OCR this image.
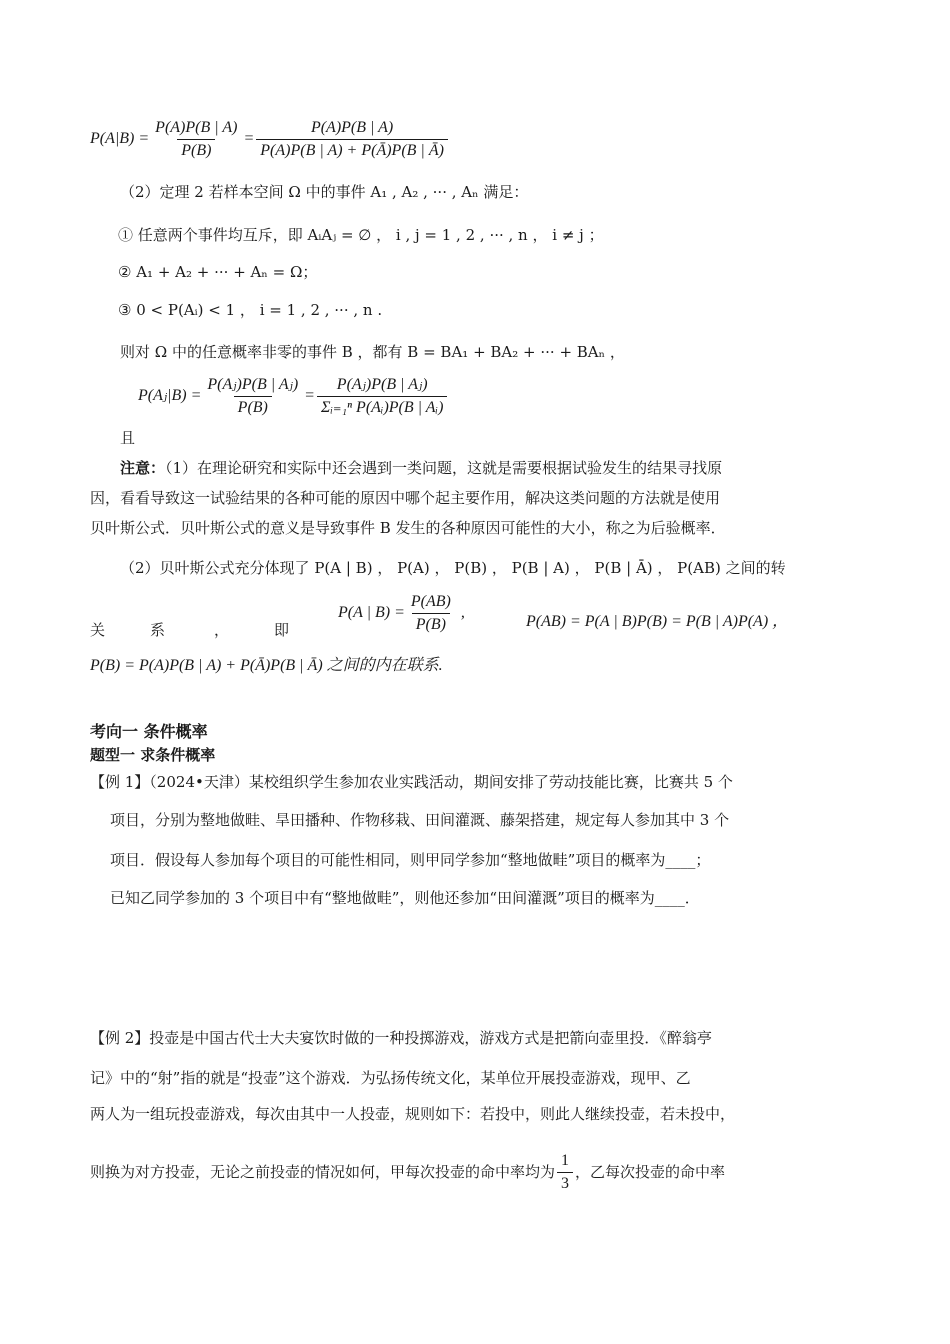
$P(A|B) = \frac{P(A)P(B | A)}{P(B)} = \frac{P(A)P(B | A)}{P(A)P(B | A) + P(Ā)P(B | Ā)}$
（2）定理 2 若样本空间 Ω 中的事件 A₁ , A₂ , ··· , Aₙ 满足：
① 任意两个事件均互斥，即 AᵢAⱼ = ∅ ， i , j = 1 , 2 , ··· , n ， i ≠ j ；
② A₁ + A₂ + ··· + Aₙ = Ω；
③ 0 < P(Aᵢ) < 1 ， i = 1 , 2 , ··· , n .
则对 Ω 中的任意概率非零的事件 B ，都有 B = BA₁ + BA₂ + ··· + BAₙ ，
P(Aⱼ|B) = $\frac{\text{P(Aⱼ)P(B | Aⱼ)}}{P(B)} = \frac{\text{P(Aⱼ)P(B | Aⱼ)}}{\text{Σᵢ₌₁ⁿ P(Aᵢ)P(B | Aᵢ)}}$
且
注意：（1）在理论研究和实际中还会遇到一类问题，这就是需要根据试验发生的结果寻找原
因，看看导致这一试验结果的各种可能的原因中哪个起主要作用，解决这类问题的方法就是使用
贝叶斯公式．贝叶斯公式的意义是导致事件 B 发生的各种原因可能性的大小，称之为后验概率．
（2）贝叶斯公式充分体现了 P(A | B) ， P(A) ， P(B) ， P(B | A) ， P(B | Ā) ， P(AB) 之间的转
关	系	，	即
P(A | $B) = \frac{P(AB)}{P(B)}$ ,
P(AB) = P(A | B)P(B) = P(B | A)P(A) ，
P(B) = P(A)P(B | A) + P(Ā)P(B | Ā) 之间的内在联系.
考向一 条件概率
题型一 求条件概率
【例 1】（2024•天津）某校组织学生参加农业实践活动，期间安排了劳动技能比赛，比赛共 5 个
项目，分别为整地做畦、旱田播种、作物移栽、田间灌溉、藤架搭建，规定每人参加其中 3 个
项目．假设每人参加每个项目的可能性相同，则甲同学参加“整地做畦”项目的概率为____；
已知乙同学参加的 3 个项目中有“整地做畦”，则他还参加“田间灌溉”项目的概率为____．
【例 2】投壶是中国古代士大夫宴饮时做的一种投掷游戏，游戏方式是把箭向壶里投．《醉翁亭
记》中的“射”指的就是“投壶”这个游戏．为弘扬传统文化，某单位开展投壶游戏，现甲、乙
两人为一组玩投壶游戏，每次由其中一人投壶，规则如下：若投中，则此人继续投壶，若未投中，
则换为对方投壶，无论之前投壶的情况如何，甲每次投壶的命中率均为 $\frac{1}{3}$ ，乙每次投壶的命中率
